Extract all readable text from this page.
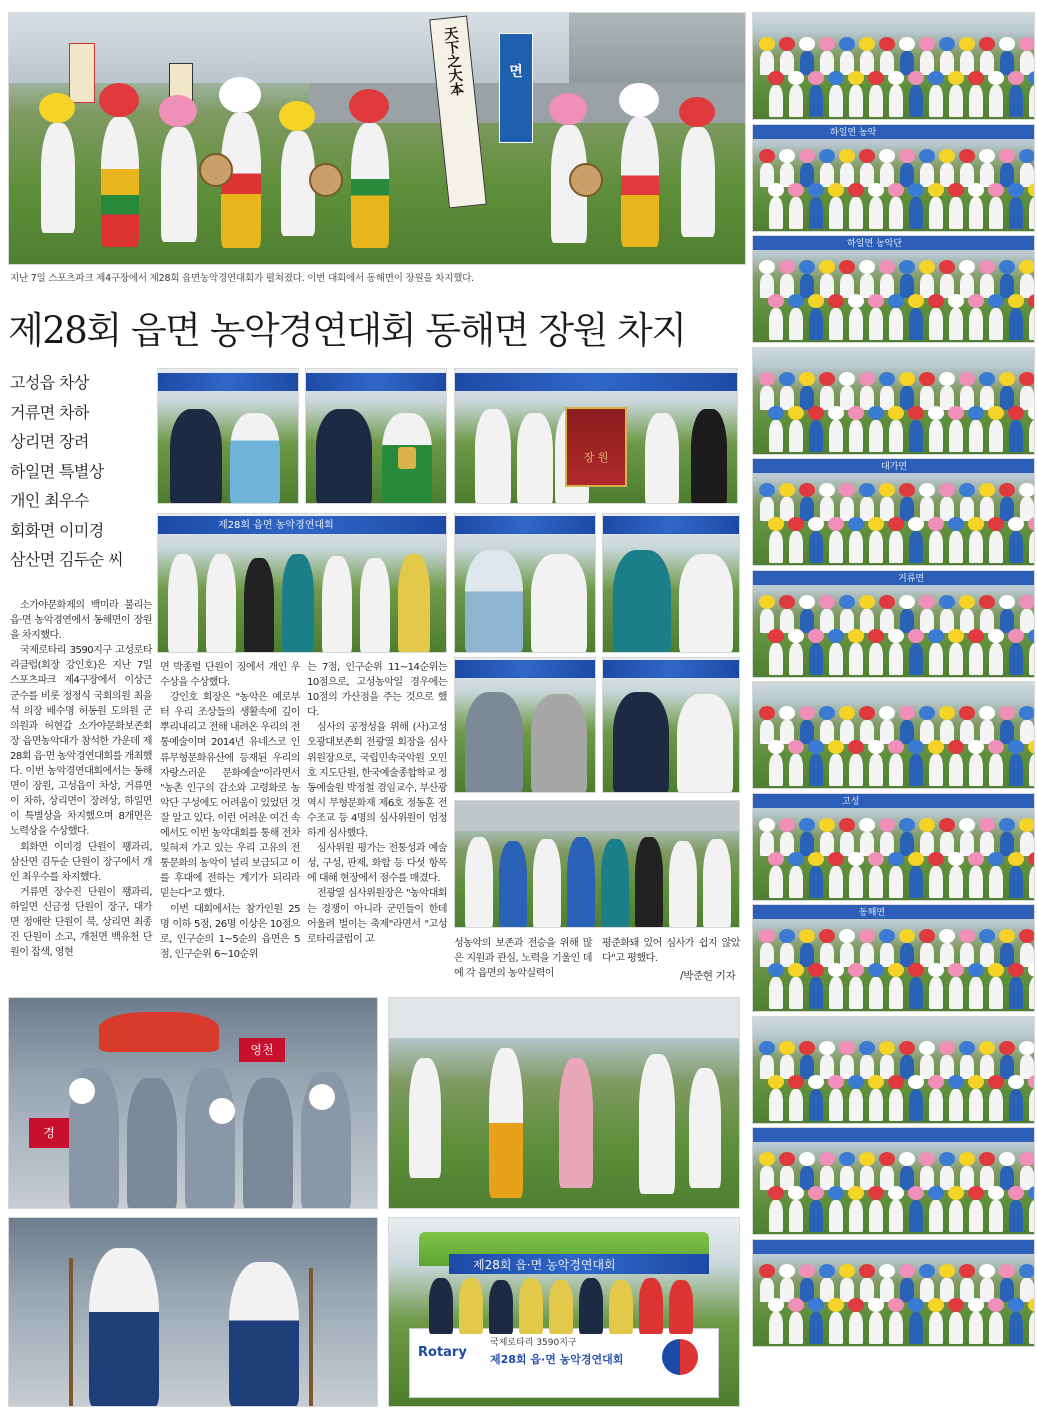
天下之大本	면
지난 7일 스포츠파크 제4구장에서 제28회 읍면농악경연대회가 펼쳐졌다. 이번 대회에서 동해면이 장원을 차지했다.
제28회 읍면 농악경연대회 동해면 장원 차지
고성읍 차상
거류면 차하
상리면 장려
하일면 특별상
개인 최우수
회화면 이미경
삼산면 김두순 씨
장 원
제28회 읍면 농악경연대회

소가야문화제의 백미라 불리는 읍·면 농악경연에서 동해면이 장원을 차지했다.

국제로타리 3590지구 고성로타리클럽(회장 강인호)은 지난 7일 스포츠파크 제4구장에서 이상근 군수를 비롯 정정식 국회의원 최을석 의장 배수명 허동원 도의원 군의원과 허현갑 소가야문화보존회장 읍면농악대가 참석한 가운데 제28회 읍·면 농악경연대회를 개최했다. 이번 농악경연대회에서는 동해면이 장원, 고성읍이 차상, 거류면이 차하, 상리면이 장려상, 하일면이 특별상을 차지했으며 8개면은 노력상을 수상했다.

회화면 이미경 단원이 꽹과리, 삼산면 김두순 단원이 장구에서 개인 최우수를 차지했다.

거류면 장수진 단원이 꽹과리, 하일면 신금정 단원이 장구, 대가면 정애란 단원이 북, 상리면 최종진 단원이 소고, 개천면 백유천 단원이 잡색, 영현

면 박종렬 단원이 징에서 개인 우수상을 수상했다.

강인호 회장은 "농악은 예로부터 우리 조상들의 생활속에 깊이 뿌리내리고 전해 내려온 우리의 전통예술이며 2014년 유네스코 인류무형문화유산에 등재된 우리의 자랑스러운 문화예술"이라면서 "농촌 인구의 감소와 고령화로 농악단 구성에도 어려움이 있었던 것 잘 알고 있다. 이런 어려운 여건 속에서도 이번 농악대회를 통해 전차 잊혀져 가고 있는 우리 고유의 전통문화의 농악이 널리 보급되고 이를 후대에 전하는 계기가 되리라 믿는다"고 했다.

이번 대회에서는 참가인원 25명 이하 5점, 26명 이상은 10점으로, 인구순의 1~5순의 읍면은 5점, 인구순위 6~10순위

는 7점, 인구순위 11~14순위는 10점으로, 고성농악일 경우에는 10점의 가산점을 주는 것으로 했다.

심사의 공정성을 위해 (사)고성오광대보존회 전광열 회장을 심사위원장으로, 국립민속국악원 오민호 지도단원, 한국예술종합학교 정동예술원 박정철 겸임교수, 부산광역시 무형문화재 제6호 정동훈 전수조교 등 4명의 심사위원이 엄정하게 심사했다.

심사위원 평가는 전통성과 예술성, 구성, 판제, 화합 등 다섯 항목에 대해 현장에서 점수를 매겼다.

전광열 심사위원장은 "농악대회는 경쟁이 아니라 군민들이 한데 어울려 벌이는 축제"라면서 "고성 로타리클럽이 고	성농악의 보존과 전승을 위해 많은 지원과 관심, 노력을 기울인 데에 각 읍면의 농악실력이

평준화돼 있어 심사가 쉽지 않았다"고 평했다.

/박준현 기자
영천
경
제28회 읍·면 농악경연대회
Rotary
국제로타리 3590지구
제28회 읍·면 농악경연대회
하일면 농악
하일면 농악단
대가면
거류면
고성
동해면
